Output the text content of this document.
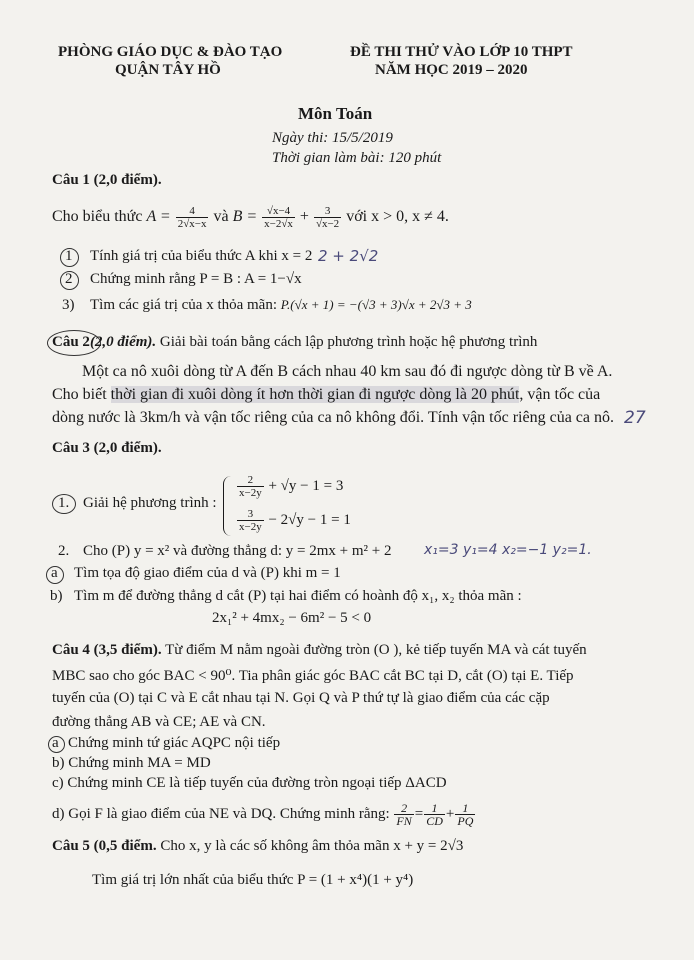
PHÒNG GIÁO DỤC & ĐÀO TẠO
QUẬN TÂY HỒ
ĐỀ THI THỬ VÀO LỚP 10 THPT
NĂM HỌC 2019 – 2020
Môn Toán
Ngày thi: 15/5/2019
Thời gian làm bài: 120 phút
Câu 1 (2,0 điểm).
Cho biểu thức $A = \frac{4}{2√x-x}$ và $B = \frac{√x-4}{x-2√x} + \frac{3}{√x-2}$ với x > 0, x ≠ 4.
1 Tính giá trị của biểu thức A khi x = 2 2 + 2√2
2 Chứng minh rằng P = B : A = 1−√x
3) Tìm các giá trị của x thỏa mãn: P.(√x + 1) = −(√3 + 3)√x + 2√3 + 3
Câu 2(2,0 điểm). Giải bài toán bằng cách lập phương trình hoặc hệ phương trình
Một ca nô xuôi dòng từ A đến B cách nhau 40 km sau đó đi ngược dòng từ B về A.
Cho biết thời gian đi xuôi dòng ít hơn thời gian đi ngược dòng là 20 phút, vận tốc của
dòng nước là 3km/h và vận tốc riêng của ca nô không đổi. Tính vận tốc riêng của ca nô. 27
Câu 3 (2,0 điểm).
1. Giải hệ phương trình :
$\frac{2}{x-2y} + √y - 1 = 3$
$\frac{3}{x-2y} - 2√y - 1 = 1$
2. Cho (P) y = x² và đường thẳng d: y = 2mx + m² + 2 x₁=3 y₁=4 x₂=−1 y₂=1.
a Tìm tọa độ giao điểm của d và (P) khi m = 1
b) Tìm m để đường thẳng d cắt (P) tại hai điểm có hoành độ x₁, x₂ thỏa mãn :
2x₁² + 4mx₂ − 6m² − 5 < 0
Câu 4 (3,5 điểm). Từ điểm M nằm ngoài đường tròn (O ), kẻ tiếp tuyến MA và cát tuyến
MBC sao cho góc BAC < 90⁰. Tia phân giác góc BAC cắt BC tại D, cắt (O) tại E. Tiếp
tuyến của (O) tại C và E cắt nhau tại N. Gọi Q và P thứ tự là giao điểm của các cặp
đường thẳng AB và CE; AE và CN.
a Chứng minh tứ giác AQPC nội tiếp
b) Chứng minh MA = MD
c) Chứng minh CE là tiếp tuyến của đường tròn ngoại tiếp ΔACD
d) Gọi F là giao điểm của NE và DQ. Chứng minh rằng: $\frac{2}{FN} = \frac{1}{CD} + \frac{1}{PQ}$
Câu 5 (0,5 điểm. Cho x, y là các số không âm thỏa mãn x + y = 2√3
Tìm giá trị lớn nhất của biểu thức P = (1 + x⁴)(1 + y⁴)
